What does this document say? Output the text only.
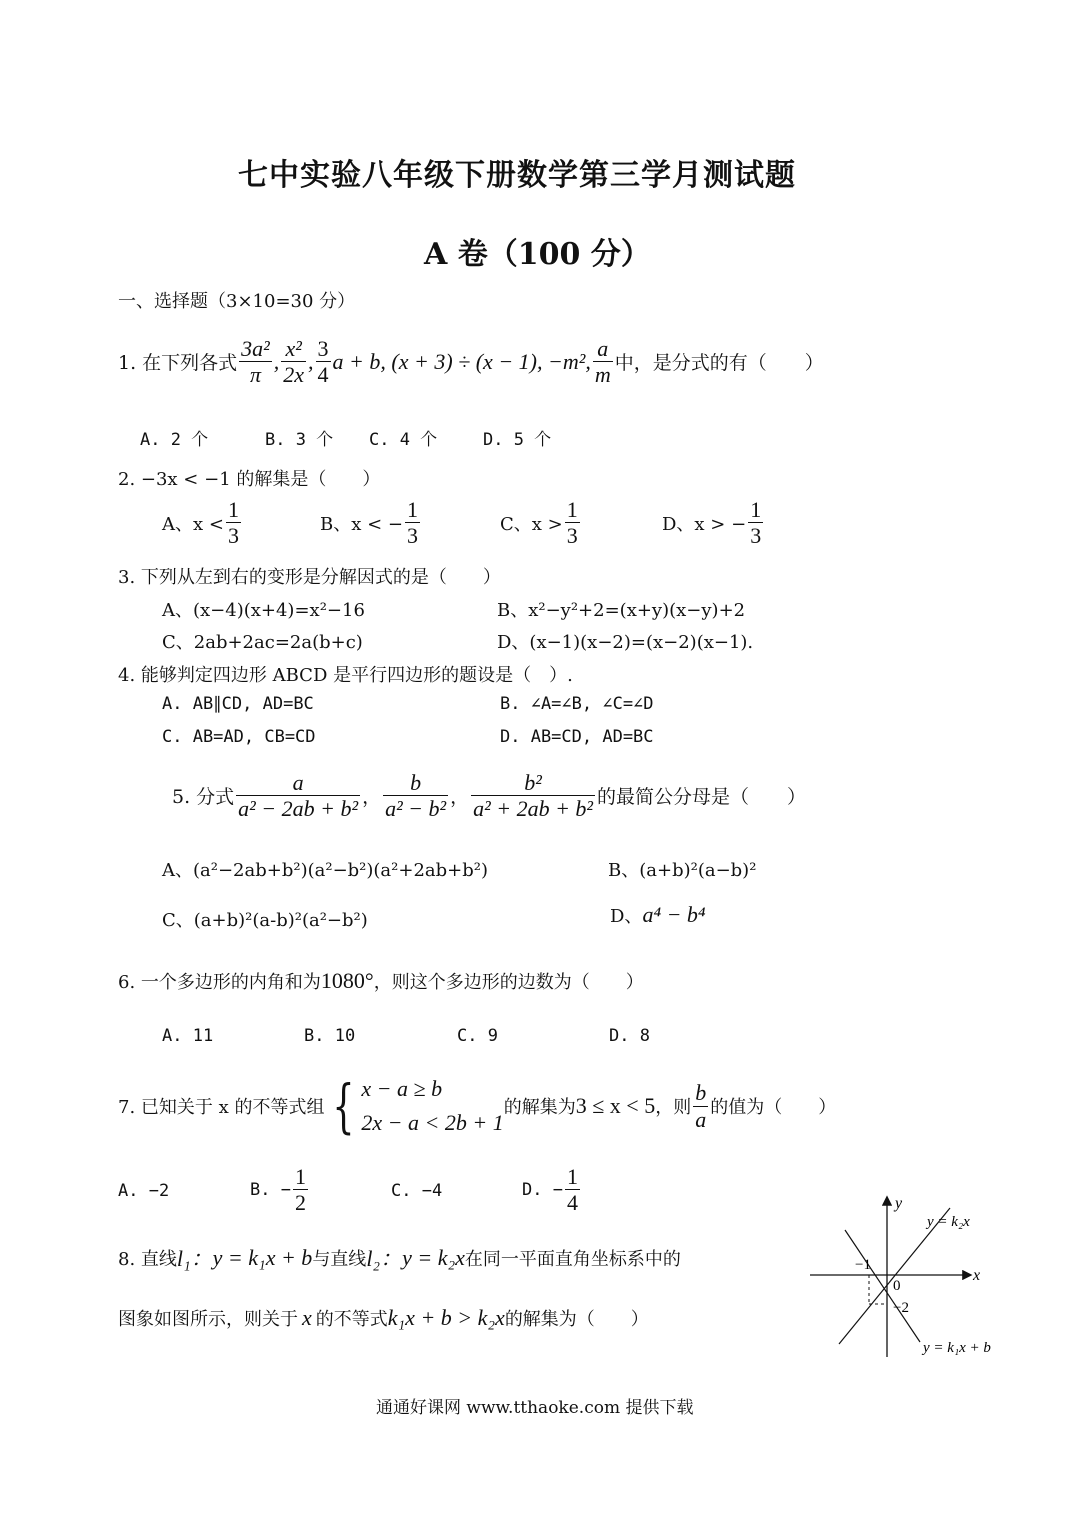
七中实验八年级下册数学第三学月测试题
A 卷（100 分）
一、选择题（3×10=30 分）
1. 在下列各式 $\frac{\text{3a²}}{\pi}$ , $\frac{\text{x²}}{2x}$ , $\frac{3}{4}$ a + b, (x + 3) ÷ (x − 1), −m², $\frac{a}{m}$ 中，是分式的有（　　）
A. 2 个	B. 3 个 C. 4 个	D. 5 个
2. −3x < −1 的解集是（　　）
A、$x < \frac{1}{3}$	B、x < − $\frac{1}{3}$	C、$x > \frac{1}{3}$	D、x > − $\frac{1}{3}$
3. 下列从左到右的变形是分解因式的是（　　）
A、(x−4)(x+4)=x²−16	B、x²−y²+2=(x+y)(x−y)+2
C、2ab+2ac=2a(b+c)	D、(x−1)(x−2)=(x−2)(x−1).
4. 能够判定四边形 ABCD 是平行四边形的题设是（　）.
A. AB∥CD, AD=BC	B. ∠A=∠B, ∠C=∠D
C. AB=AD, CB=CD	D. AB=CD, AD=BC
5. 分式 $\frac{a}{\text{a² − 2ab + b²}}$ ， $\frac{b}{\text{a² − b²}}$ ， $\frac{\text{b²}}{\text{a² + 2ab + b²}}$ 的最简公分母是（　　）
A、(a²−2ab+b²)(a²−b²)(a²+2ab+b²)	B、(a+b)²(a−b)²
C、(a+b)²(a-b)²(a²−b²)	D、 a⁴ − b⁴
6. 一个多边形的内角和为 1080° ，则这个多边形的边数为（　　）
A. 11	B. 10	C. 9	D. 8
7. 已知关于 x 的不等式组 { x − a ≥ b
2x − a < 2b + 1
的解集为 3 ≤ x < 5 ，则 $\frac{b}{a}$ 的值为（　　）
A. −2	B. − $\frac{1}{2}$	C. −4	D. − $\frac{1}{4}$
8. 直线 l₁： y = k₁x + b 与直线 l₂： y = k₂x 在同一平面直角坐标系中的
图象如图所示，则关于 x 的不等式 k₁x + b > k₂x 的解集为（　　）
y
x
0
−1
−2
y = k₂x
y = k₁x + b
通通好课网 www.tthaoke.com 提供下载
